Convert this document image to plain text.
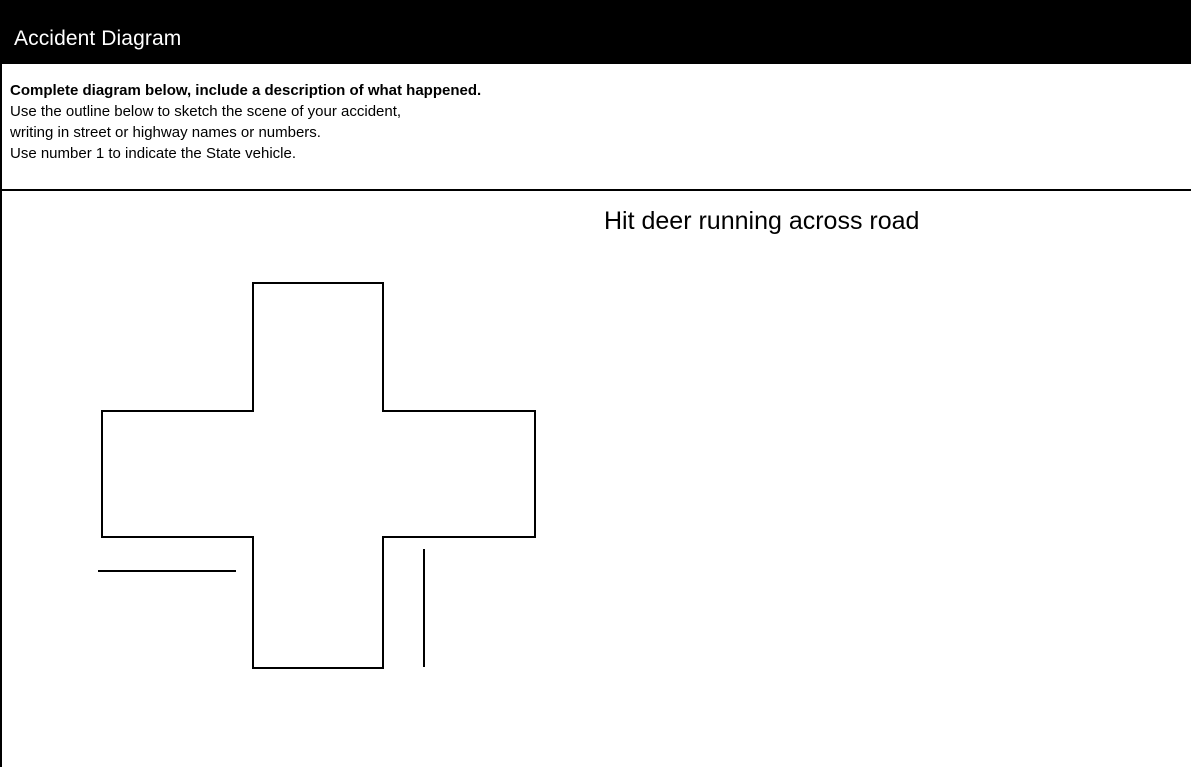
Accident Diagram
Complete diagram below, include a description of what happened.
Use the outline below to sketch the scene of your accident,
writing in street or highway names or numbers.
Use number 1 to indicate the State vehicle.
Hit deer running across road
